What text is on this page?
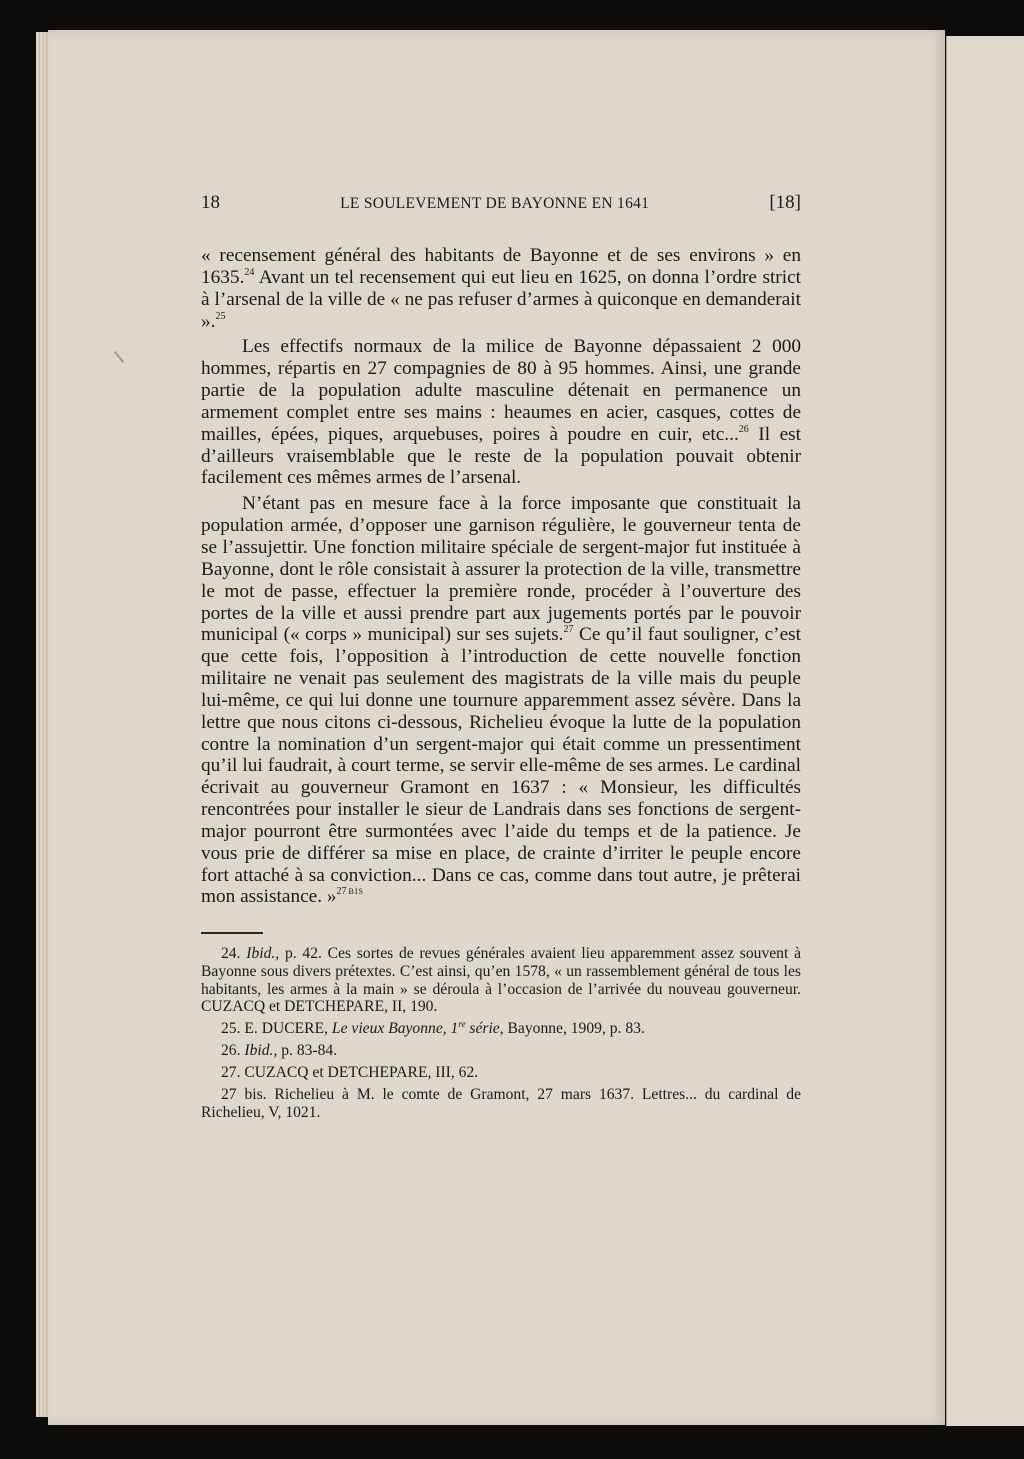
18	LE SOULEVEMENT DE BAYONNE EN 1641	[18]

« recensement général des habitants de Bayonne et de ses environs » en 1635.24 Avant un tel recensement qui eut lieu en 1625, on donna l’ordre strict à l’arsenal de la ville de « ne pas refuser d’armes à quiconque en demanderait ».$^{25}$

Les effectifs normaux de la milice de Bayonne dépassaient 2 000 hommes, répartis en 27 compagnies de 80 à 95 hommes. Ainsi, une grande partie de la population adulte masculine détenait en permanence un armement complet entre ses mains : heaumes en acier, casques, cottes de mailles, épées, piques, arquebuses, poires à poudre en cuir, etc...$^{26}$ Il est d’ailleurs vraisemblable que le reste de la population pouvait obtenir facilement ces mêmes armes de l’arsenal.

N’étant pas en mesure face à la force imposante que constituait la population armée, d’opposer une garnison régulière, le gouverneur tenta de se l’assujettir. Une fonction militaire spéciale de sergent-major fut instituée à Bayonne, dont le rôle consistait à assurer la protection de la ville, transmettre le mot de passe, effectuer la première ronde, procéder à l’ouverture des portes de la ville et aussi prendre part aux jugements portés par le pouvoir municipal (« corps » municipal) sur ses sujets.$^{27}$ Ce qu’il faut souligner, c’est que cette fois, l’opposition à l’introduction de cette nouvelle fonction militaire ne venait pas seulement des magistrats de la ville mais du peuple lui-même, ce qui lui donne une tournure apparemment assez sévère. Dans la lettre que nous citons ci-dessous, Richelieu évoque la lutte de la population contre la nomination d’un sergent-major qui était comme un pressentiment qu’il lui faudrait, à court terme, se servir elle-même de ses armes. Le cardinal écrivait au gouverneur Gramont en 1637 : « Monsieur, les difficultés rencontrées pour installer le sieur de Landrais dans ses fonctions de sergent-major pourront être surmontées avec l’aide du temps et de la patience. Je vous prie de différer sa mise en place, de crainte d’irriter le peuple encore fort attaché à sa conviction... Dans ce cas, comme dans tout autre, je prêterai mon assistance. »$^{27 BIS}$

24. Ibid., p. 42. Ces sortes de revues générales avaient lieu apparemment assez souvent à Bayonne sous divers prétextes. C’est ainsi, qu’en 1578, « un rassemblement général de tous les habitants, les armes à la main » se déroula à l’occasion de l’arrivée du nouveau gouverneur. CUZACQ et DETCHEPARE, II, 190.

25. E. DUCERE, Le vieux Bayonne, 1re série, Bayonne, 1909, p. 83.

26. Ibid., p. 83-84.

27. CUZACQ et DETCHEPARE, III, 62.

27 bis. Richelieu à M. le comte de Gramont, 27 mars 1637. Lettres... du cardinal de Richelieu, V, 1021.
